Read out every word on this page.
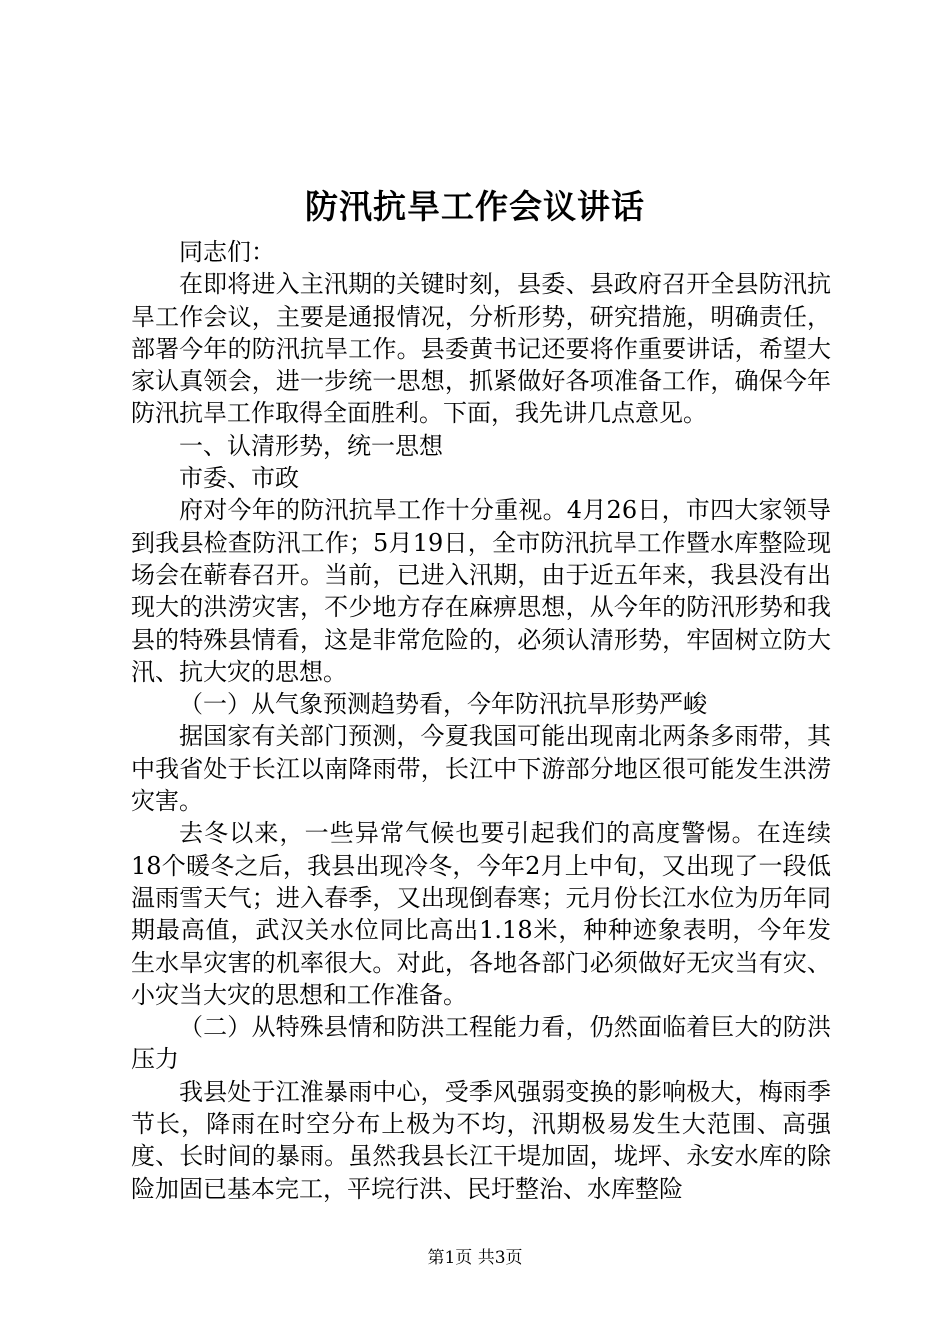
防汛抗旱工作会议讲话

同志们：

在即将进入主汛期的关键时刻，县委、县政府召开全县防汛抗旱工作会议，主要是通报情况，分析形势，研究措施，明确责任，部署今年的防汛抗旱工作。县委黄书记还要将作重要讲话，希望大家认真领会，进一步统一思想，抓紧做好各项准备工作，确保今年防汛抗旱工作取得全面胜利。下面，我先讲几点意见。

一、认清形势，统一思想

市委、市政

府对今年的防汛抗旱工作十分重视。4月26日，市四大家领导到我县检查防汛工作；5月19日，全市防汛抗旱工作暨水库整险现场会在蕲春召开。当前，已进入汛期，由于近五年来，我县没有出现大的洪涝灾害，不少地方存在麻痹思想，从今年的防汛形势和我县的特殊县情看，这是非常危险的，必须认清形势，牢固树立防大汛、抗大灾的思想。

（一）从气象预测趋势看，今年防汛抗旱形势严峻

据国家有关部门预测，今夏我国可能出现南北两条多雨带，其中我省处于长江以南降雨带，长江中下游部分地区很可能发生洪涝灾害。

去冬以来，一些异常气候也要引起我们的高度警惕。在连续18个暖冬之后，我县出现冷冬，今年2月上中旬，又出现了一段低温雨雪天气；进入春季，又出现倒春寒；元月份长江水位为历年同期最高值，武汉关水位同比高出1.18米，种种迹象表明，今年发生水旱灾害的机率很大。对此，各地各部门必须做好无灾当有灾、小灾当大灾的思想和工作准备。

（二）从特殊县情和防洪工程能力看，仍然面临着巨大的防洪压力

我县处于江淮暴雨中心，受季风强弱变换的影响极大，梅雨季节长，降雨在时空分布上极为不均，汛期极易发生大范围、高强度、长时间的暴雨。虽然我县长江干堤加固，垅坪、永安水库的除险加固已基本完工，平垸行洪、民圩整治、水库整险

第1页 共3页
